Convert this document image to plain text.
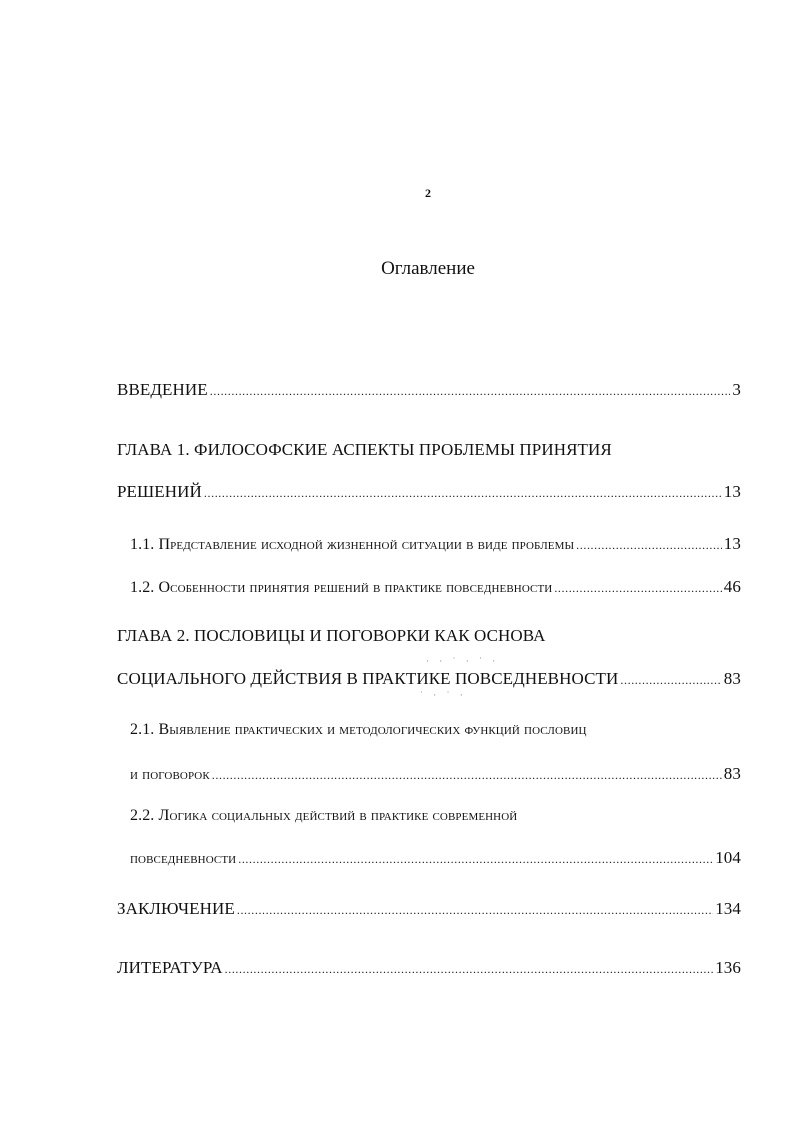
2
Оглавление
ВВЕДЕНИЕ .....	3
ГЛАВА 1. ФИЛОСОФСКИЕ АСПЕКТЫ ПРОБЛЕМЫ ПРИНЯТИЯ
РЕШЕНИЙ .....	13
1.1. Представление исходной жизненной ситуации в виде проблемы .....	13
1.2. Особенности принятия решений в практике повседневности .....	46
ГЛАВА 2. ПОСЛОВИЦЫ И ПОГОВОРКИ КАК ОСНОВА
· · ˙ · ˙ ·
СОЦИАЛЬНОГО ДЕЙСТВИЯ В ПРАКТИКЕ ПОВСЕДНЕВНОСТИ .....	83
˙ · ˙ ·
2.1. Выявление практических и методологических функций пословиц
и поговорок .....	83
2.2. Логика социальных действий в практике современной
повседневности .....	104
ЗАКЛЮЧЕНИЕ .....	134
ЛИТЕРАТУРА .....	136
